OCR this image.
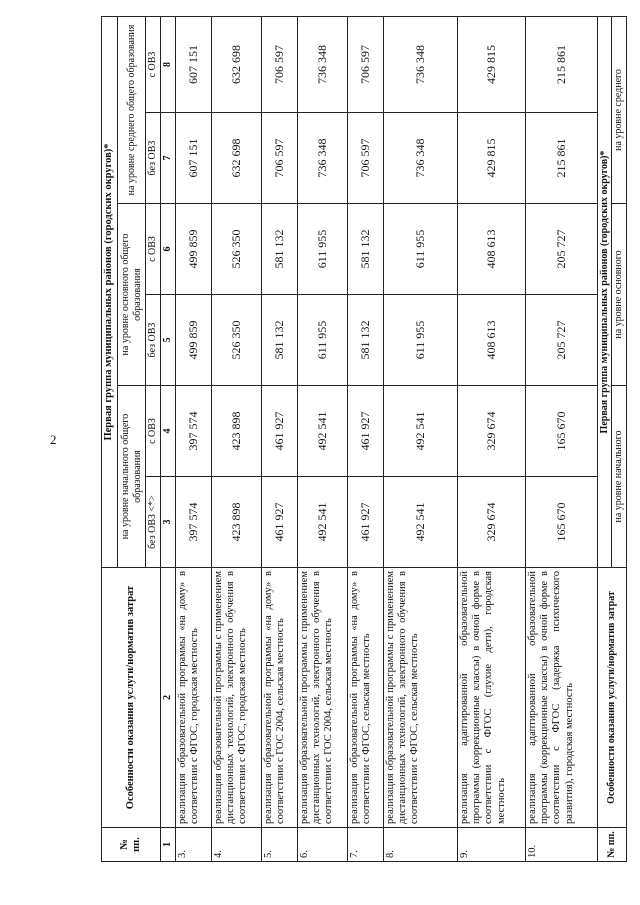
2
№ пп.	Особенности оказания услуги/норматив затрат	Первая группа муниципальных районов (городских округов)*					
		на уровне начального общего образования		на уровне основного общего образования		на уровне среднего общего образования	
		без ОВЗ <*>	с ОВЗ	без ОВЗ	с ОВЗ	без ОВЗ	с ОВЗ
1	2	3	4	5	6	7	8
3.	реализация образовательной программы «на дому» в соответствии с ФГОС, городская местность	397 574	397 574	499 859	499 859	607 151	607 151
4.	реализация образовательной программы с применением дистанционных технологий, электронного обучения в соответствии с ФГОС, городская местность	423 898	423 898	526 350	526 350	632 698	632 698
5.	реализация образовательной программы «на дому» в соответствии с ГОС 2004, сельская местность	461 927	461 927	581 132	581 132	706 597	706 597
6.	реализация образовательной программы с применением дистанционных технологий, электронного обучения в соответствии с ГОС 2004, сельская местность	492 541	492 541	611 955	611 955	736 348	736 348
7.	реализация образовательной программы «на дому» в соответствии с ФГОС, сельская местность	461 927	461 927	581 132	581 132	706 597	706 597
8.	реализация образовательной программы с применением дистанционных технологий, электронного обучения в соответствии с ФГОС, сельская местность	492 541	492 541	611 955	611 955	736 348	736 348
9.	реализация адаптированной образовательной программы (коррекционные классы) в очной форме в соответствии с ФГОС (глухие дети), городская местность	329 674	329 674	408 613	408 613	429 815	429 815
10.	реализация адаптированной образовательной программы (коррекционные классы) в очной форме в соответствии с ФГОС (задержка психического развития), городская местность	165 670	165 670	205 727	205 727	215 861	215 861
№ пп.	Особенности оказания услуги/норматив затрат	Первая группа муниципальных районов (городских округов)*					
		на уровне начального		на уровне основного		на уровне среднего	
